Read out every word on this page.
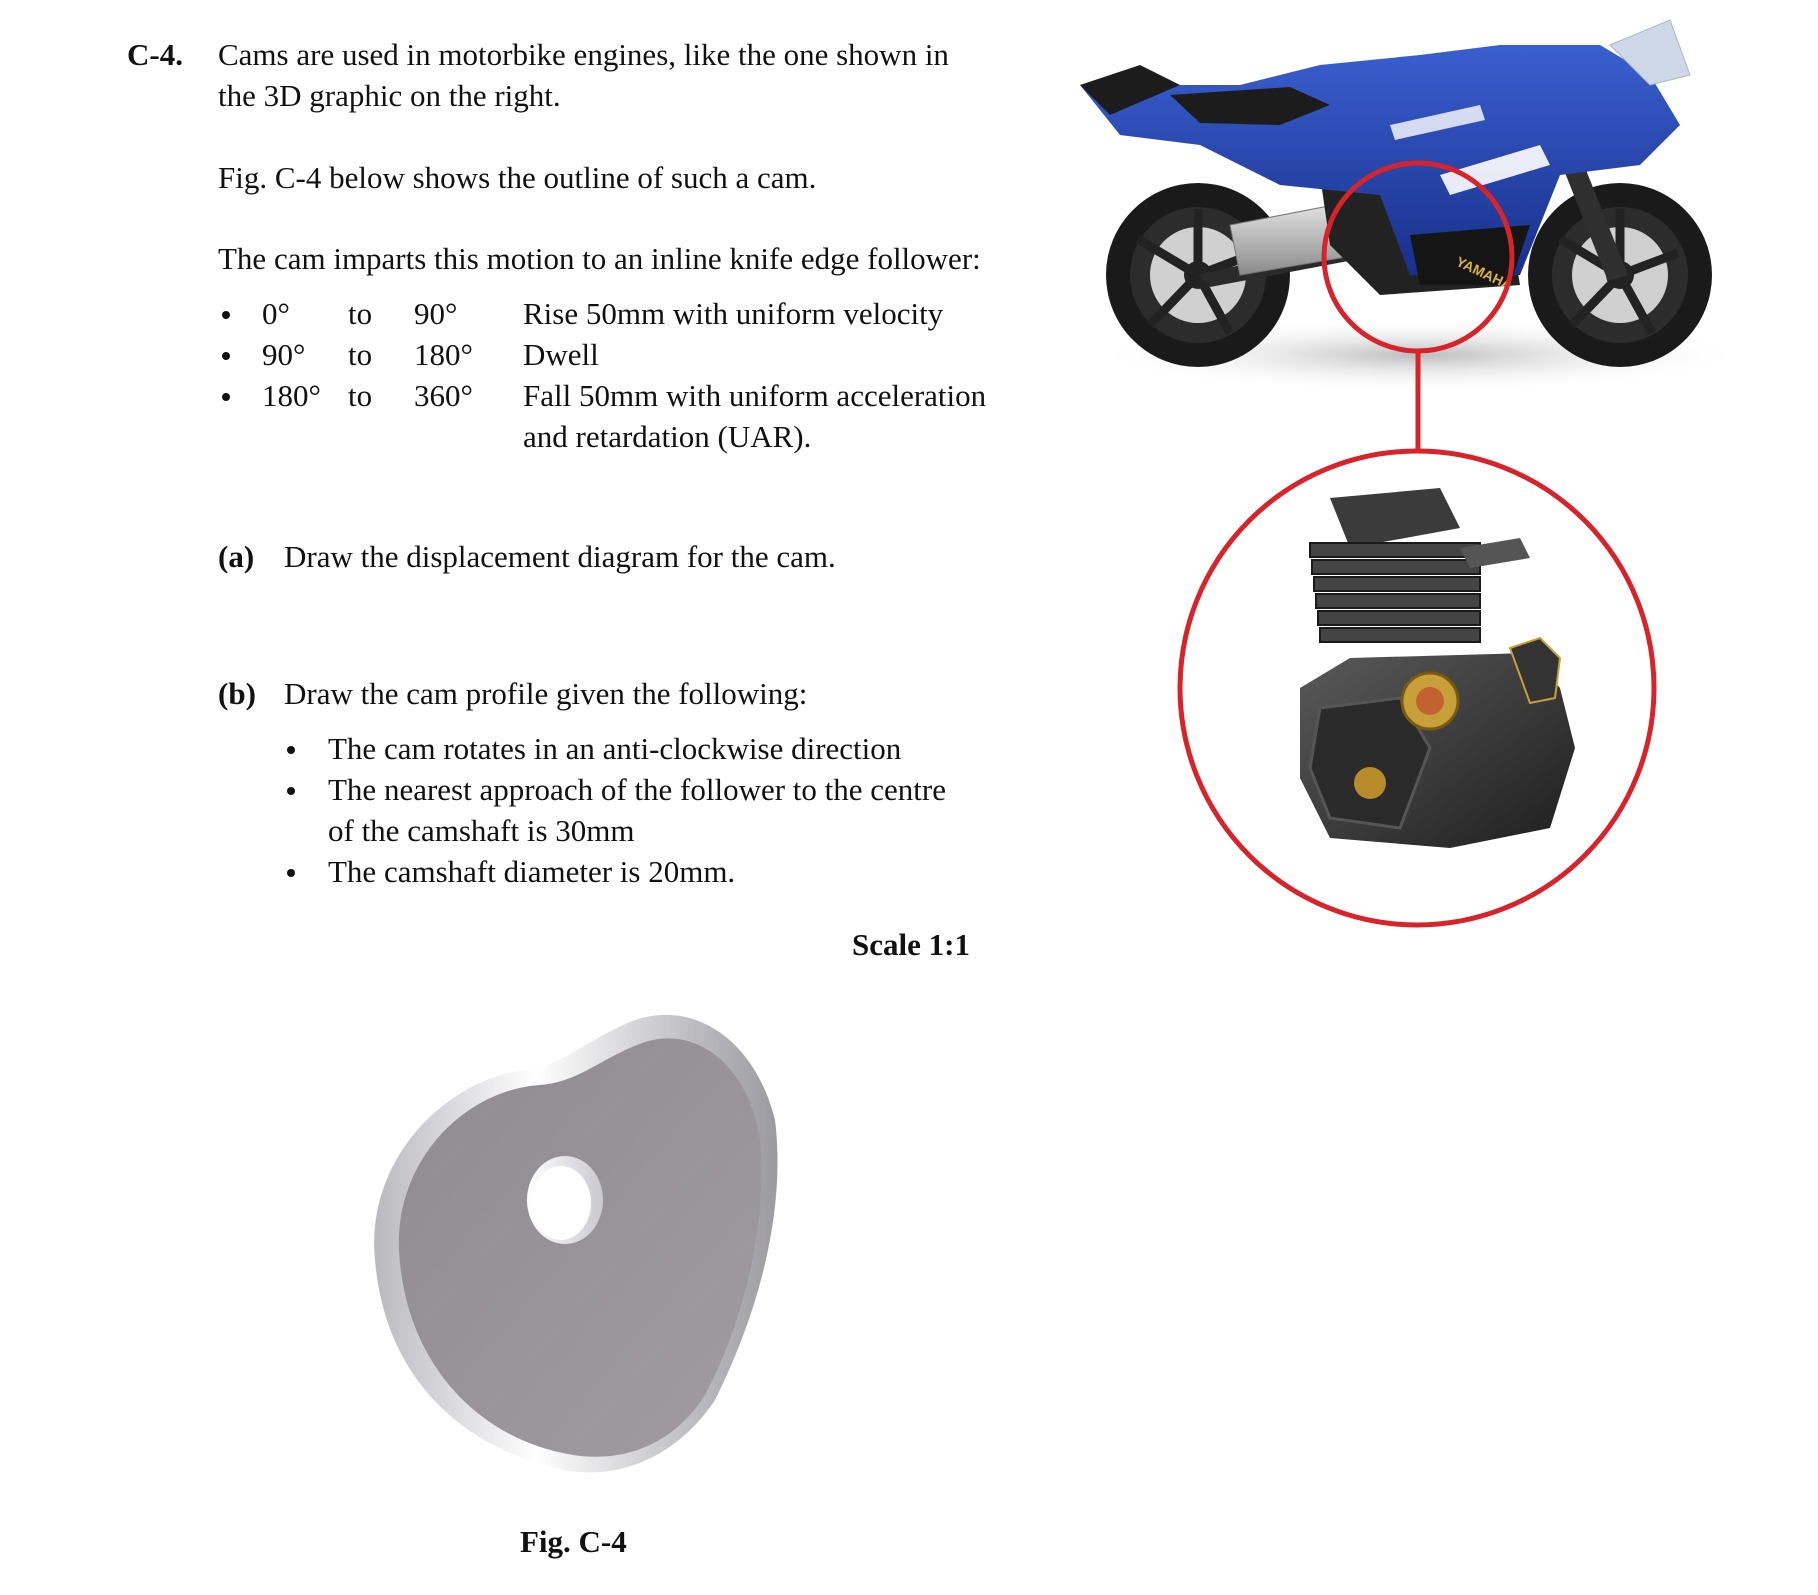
C-4. Cams are used in motorbike engines, like the one shown in
the 3D graphic on the right.
Fig. C-4 below shows the outline of such a cam.
The cam imparts this motion to an inline knife edge follower:
0° to 90° Rise 50mm with uniform velocity
90° to 180° Dwell
180° to 360° Fall 50mm with uniform acceleration
and retardation (UAR).
(a) Draw the displacement diagram for the cam.
(b) Draw the cam profile given the following:
The cam rotates in an anti-clockwise direction
The nearest approach of the follower to the centre
of the camshaft is 30mm
The camshaft diameter is 20mm.
Scale 1:1
Fig. C-4
YAMAHA
